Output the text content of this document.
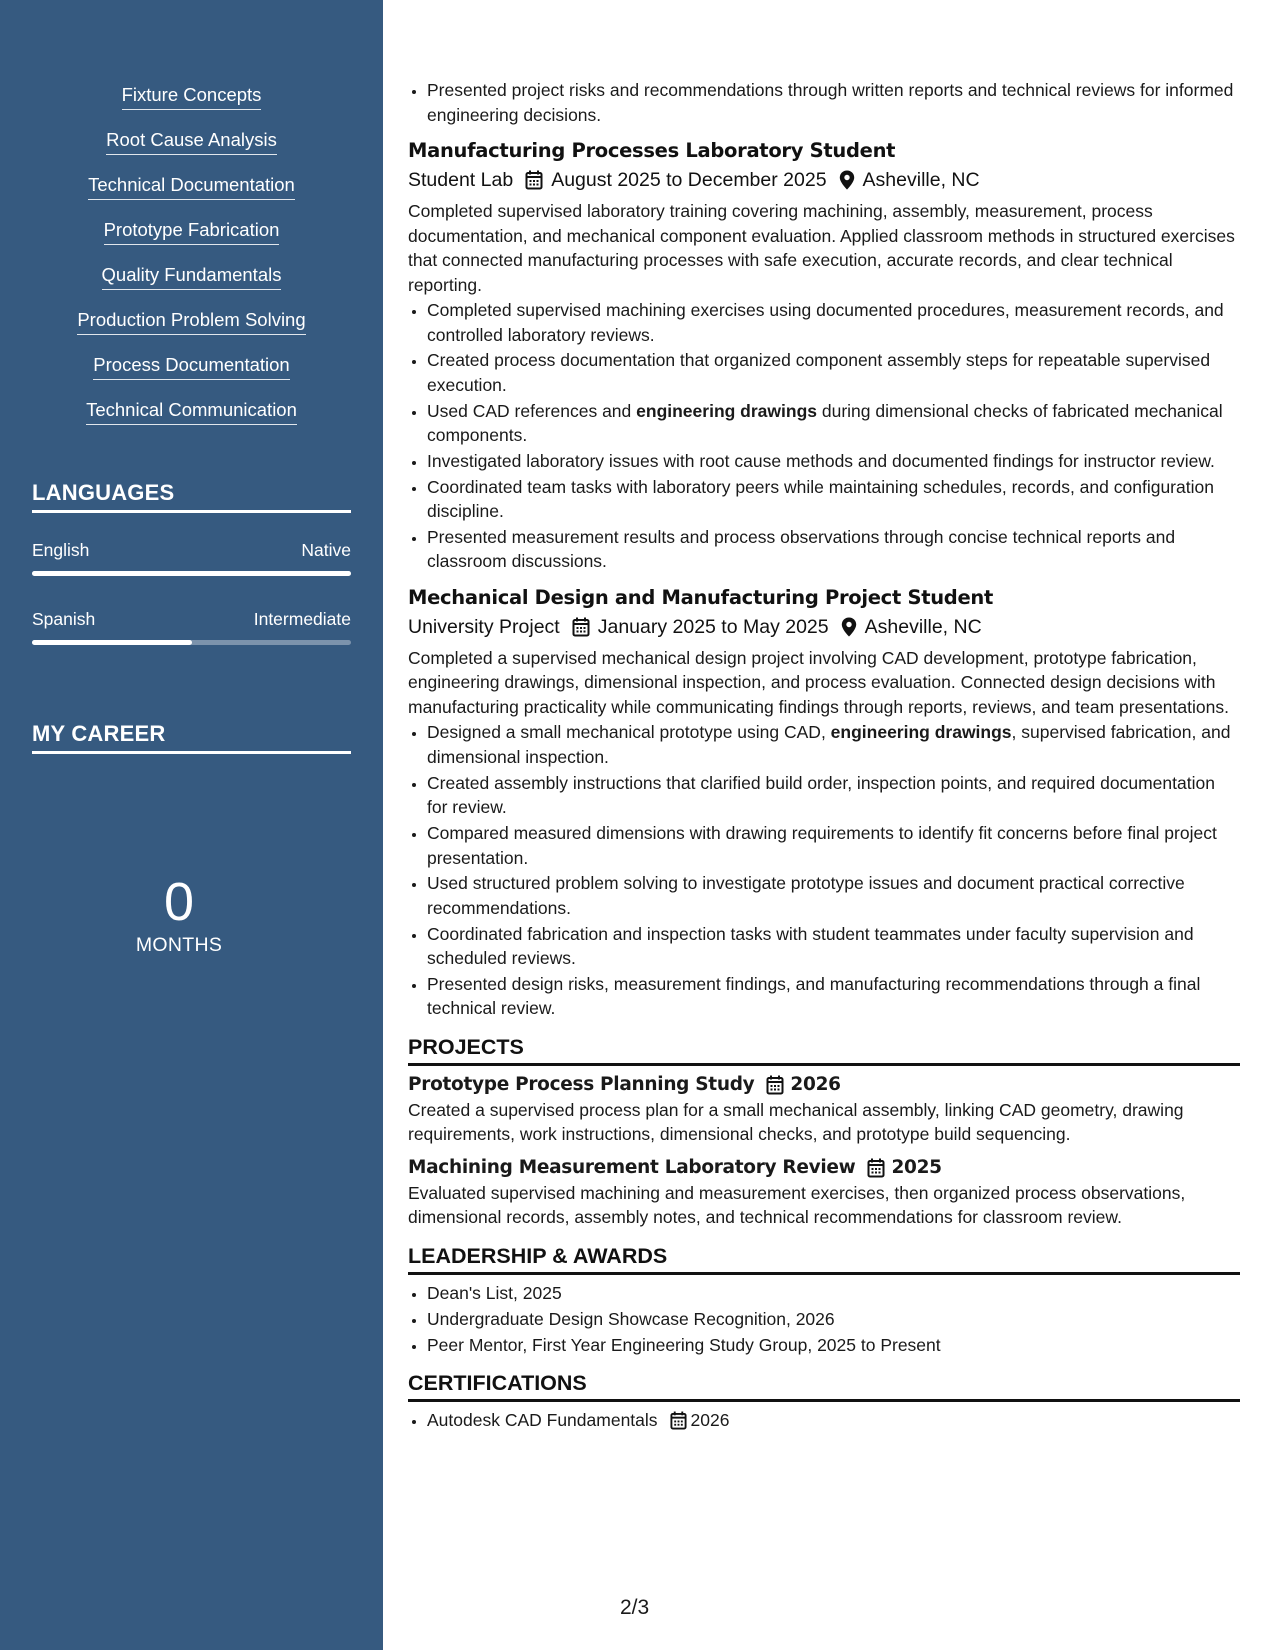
Fixture Concepts
Root Cause Analysis
Technical Documentation
Prototype Fabrication
Quality Fundamentals
Production Problem Solving
Process Documentation
Technical Communication
LANGUAGES
English	Native
Spanish	Intermediate
MY CAREER
0
MONTHS
• Presented project risks and recommendations through written reports and technical reviews for informed engineering decisions.
Manufacturing Processes Laboratory Student
Student Lab August 2025 to December 2025 Asheville, NC

Completed supervised laboratory training covering machining, assembly, measurement, process documentation, and mechanical component evaluation. Applied classroom methods in structured exercises that connected manufacturing processes with safe execution, accurate records, and clear technical reporting.

• Completed supervised machining exercises using documented procedures, measurement records, and controlled laboratory reviews.
• Created process documentation that organized component assembly steps for repeatable supervised execution.
• Used CAD references and engineering drawings during dimensional checks of fabricated mechanical components.
• Investigated laboratory issues with root cause methods and documented findings for instructor review.
• Coordinated team tasks with laboratory peers while maintaining schedules, records, and configuration discipline.
• Presented measurement results and process observations through concise technical reports and classroom discussions.
Mechanical Design and Manufacturing Project Student
University Project January 2025 to May 2025 Asheville, NC

Completed a supervised mechanical design project involving CAD development, prototype fabrication, engineering drawings, dimensional inspection, and process evaluation. Connected design decisions with manufacturing practicality while communicating findings through reports, reviews, and team presentations.

• Designed a small mechanical prototype using CAD, engineering drawings, supervised fabrication, and dimensional inspection.
• Created assembly instructions that clarified build order, inspection points, and required documentation for review.
• Compared measured dimensions with drawing requirements to identify fit concerns before final project presentation.
• Used structured problem solving to investigate prototype issues and document practical corrective recommendations.
• Coordinated fabrication and inspection tasks with student teammates under faculty supervision and scheduled reviews.
• Presented design risks, measurement findings, and manufacturing recommendations through a final technical review.
PROJECTS
Prototype Process Planning Study 2026

Created a supervised process plan for a small mechanical assembly, linking CAD geometry, drawing requirements, work instructions, dimensional checks, and prototype build sequencing.

Machining Measurement Laboratory Review 2025

Evaluated supervised machining and measurement exercises, then organized process observations, dimensional records, assembly notes, and technical recommendations for classroom review.

LEADERSHIP & AWARDS
• Dean's List, 2025
• Undergraduate Design Showcase Recognition, 2026
• Peer Mentor, First Year Engineering Study Group, 2025 to Present
CERTIFICATIONS
• Autodesk CAD Fundamentals 2026
2/3
